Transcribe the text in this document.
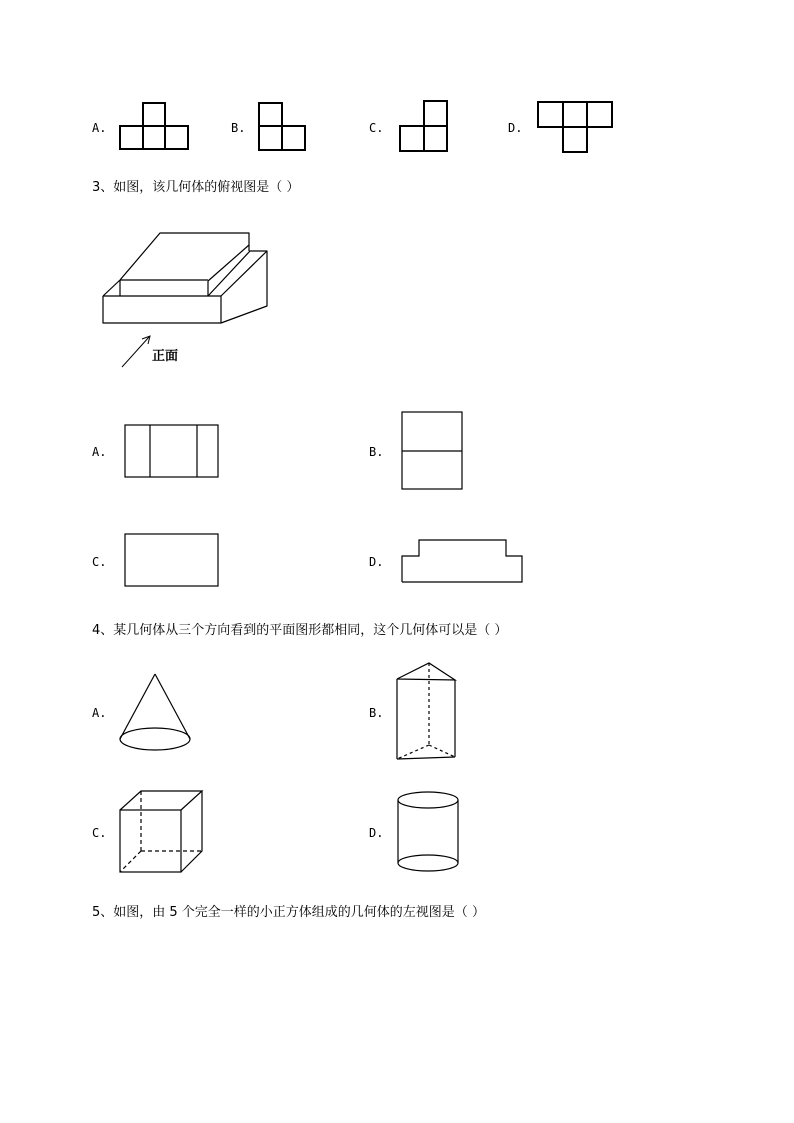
A.	B.	C.	D.
3、如图，该几何体的俯视图是（ ）
正面
A.	B.
C.	D.
4、某几何体从三个方向看到的平面图形都相同，这个几何体可以是（ ）
A.	B.
C.	D.
5、如图，由 5 个完全一样的小正方体组成的几何体的左视图是（ ）
